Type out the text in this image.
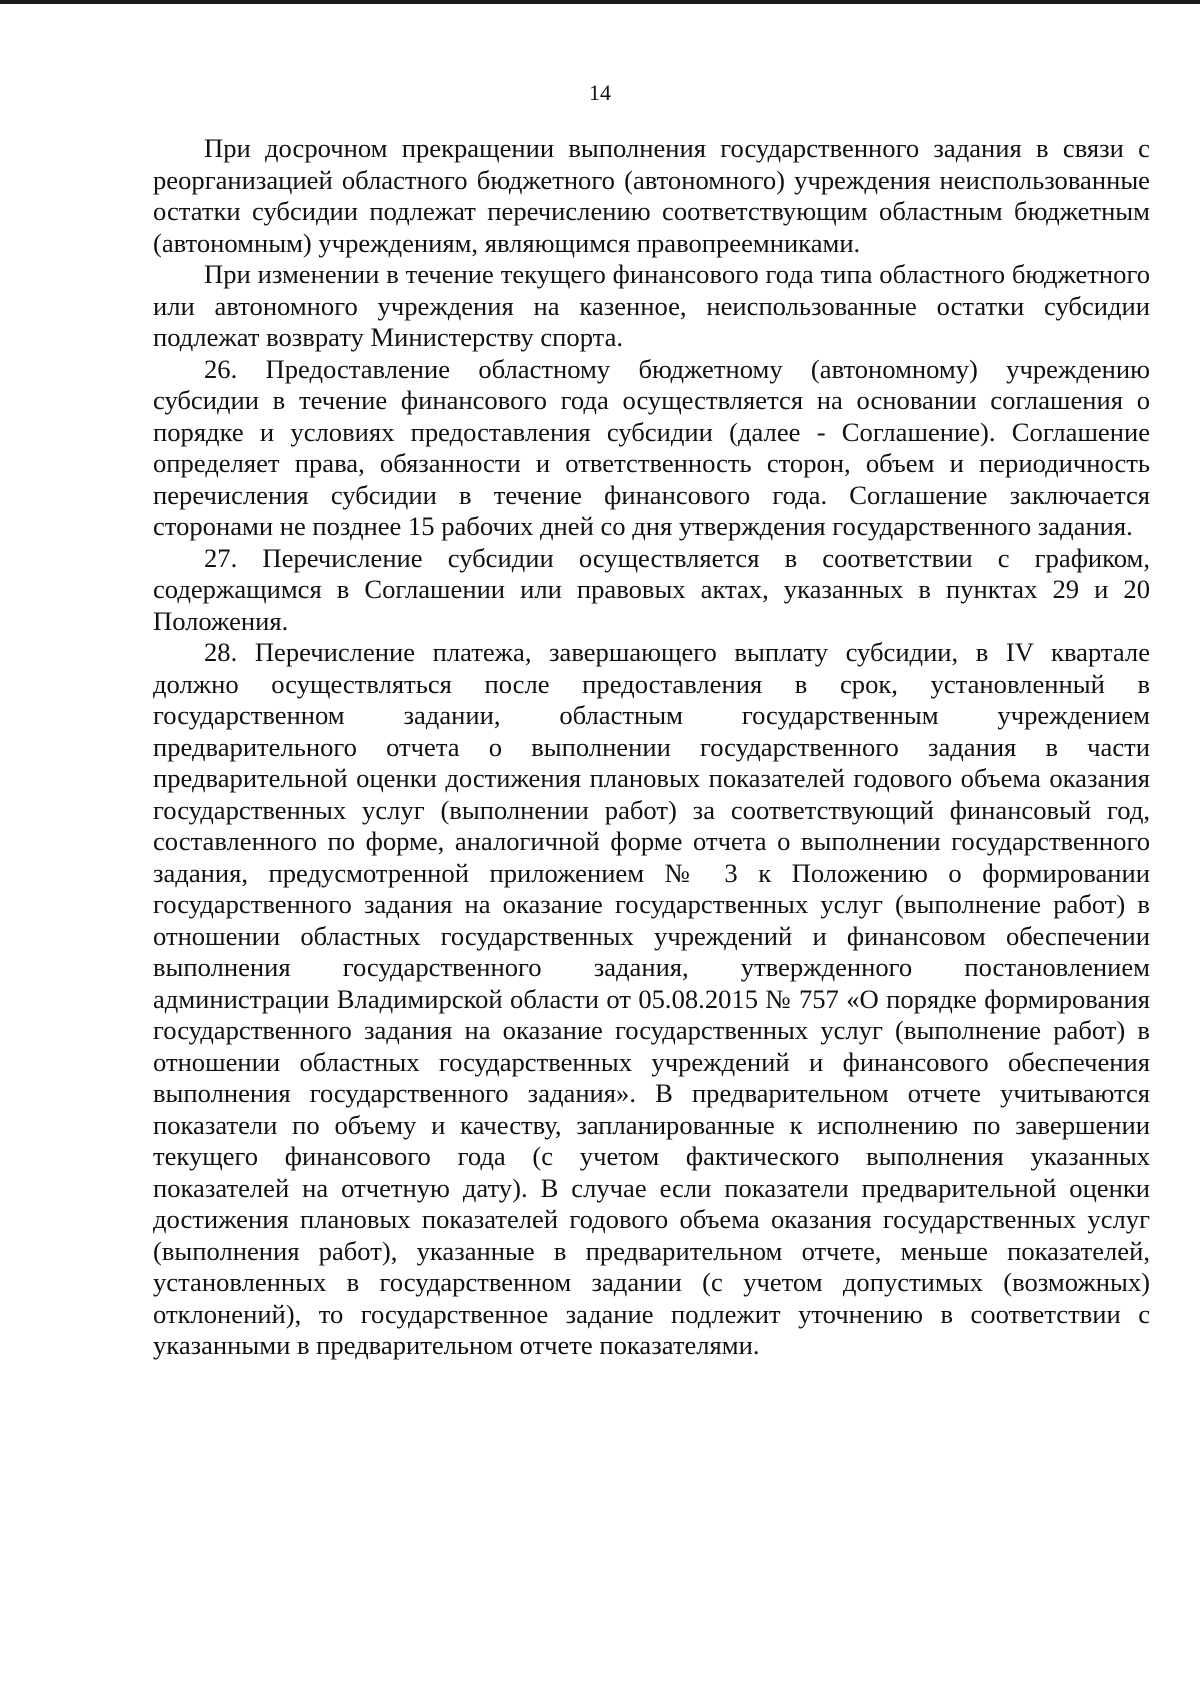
14

При досрочном прекращении выполнения государственного задания в связи с реорганизацией областного бюджетного (автономного) учреждения неиспользованные остатки субсидии подлежат перечислению соответствующим областным бюджетным (автономным) учреждениям, являющимся правопреемниками.

При изменении в течение текущего финансового года типа областного бюджетного или автономного учреждения на казенное, неиспользованные остатки субсидии подлежат возврату Министерству спорта.

26. Предоставление областному бюджетному (автономному) учреждению субсидии в течение финансового года осуществляется на основании соглашения о порядке и условиях предоставления субсидии (далее - Соглашение). Соглашение определяет права, обязанности и ответственность сторон, объем и периодичность перечисления субсидии в течение финансового года. Соглашение заключается сторонами не позднее 15 рабочих дней со дня утверждения государственного задания.

27. Перечисление субсидии осуществляется в соответствии с графиком, содержащимся в Соглашении или правовых актах, указанных в пунктах 29 и 20 Положения.

28. Перечисление платежа, завершающего выплату субсидии, в IV квартале должно осуществляться после предоставления в срок, установленный в государственном задании, областным государственным учреждением предварительного отчета о выполнении государственного задания в части предварительной оценки достижения плановых показателей годового объема оказания государственных услуг (выполнении работ) за соответствующий финансовый год, составленного по форме, аналогичной форме отчета о выполнении государственного задания, предусмотренной приложением № 3 к Положению о формировании государственного задания на оказание государственных услуг (выполнение работ) в отношении областных государственных учреждений и финансовом обеспечении выполнения государственного задания, утвержденного постановлением администрации Владимирской области от 05.08.2015 № 757 «О порядке формирования государственного задания на оказание государственных услуг (выполнение работ) в отношении областных государственных учреждений и финансового обеспечения выполнения государственного задания». В предварительном отчете учитываются показатели по объему и качеству, запланированные к исполнению по завершении текущего финансового года (с учетом фактического выполнения указанных показателей на отчетную дату). В случае если показатели предварительной оценки достижения плановых показателей годового объема оказания государственных услуг (выполнения работ), указанные в предварительном отчете, меньше показателей, установленных в государственном задании (с учетом допустимых (возможных) отклонений), то государственное задание подлежит уточнению в соответствии с указанными в предварительном отчете показателями.
